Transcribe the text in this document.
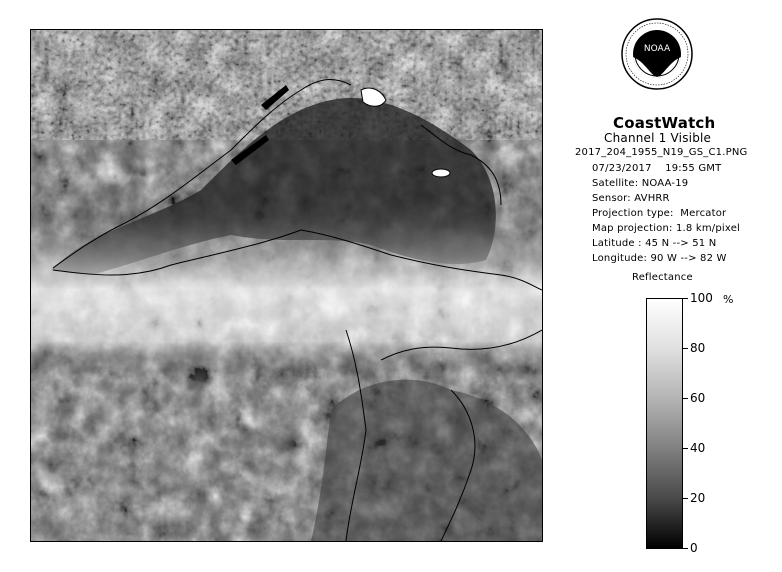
NOAA
CoastWatch
Channel 1 Visible
2017_204_1955_N19_GS_C1.PNG
07/23/2017    19:55 GMT
Satellite: NOAA-19
Sensor: AVHRR
Projection type:  Mercator
Map projection: 1.8 km/pixel
Latitude : 45 N --> 51 N
Longitude: 90 W --> 82 W
Reflectance
%
100
80
60
40
20
0
